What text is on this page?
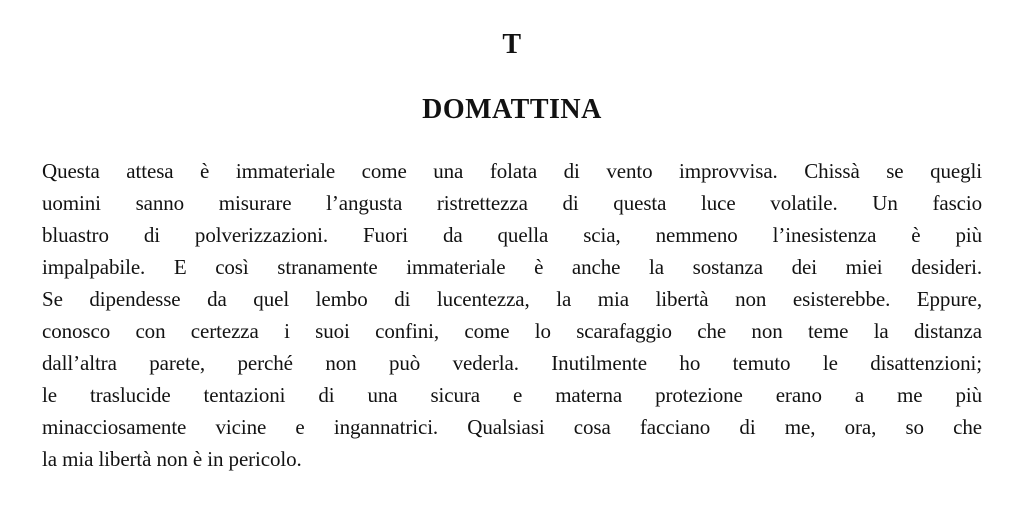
T
DOMATTINA
Questa attesa è immateriale come una folata di vento improvvisa. Chissà se quegli
uomini sanno misurare l’angusta ristrettezza di questa luce volatile. Un fascio
bluastro di polverizzazioni. Fuori da quella scia, nemmeno l’inesistenza è più
impalpabile. E così stranamente immateriale è anche la sostanza dei miei desideri.
Se dipendesse da quel lembo di lucentezza, la mia libertà non esisterebbe. Eppure,
conosco con certezza i suoi confini, come lo scarafaggio che non teme la distanza
dall’altra parete, perché non può vederla. Inutilmente ho temuto le disattenzioni;
le traslucide tentazioni di una sicura e materna protezione erano a me più
minacciosamente vicine e ingannatrici. Qualsiasi cosa facciano di me, ora, so che
la mia libertà non è in pericolo.
